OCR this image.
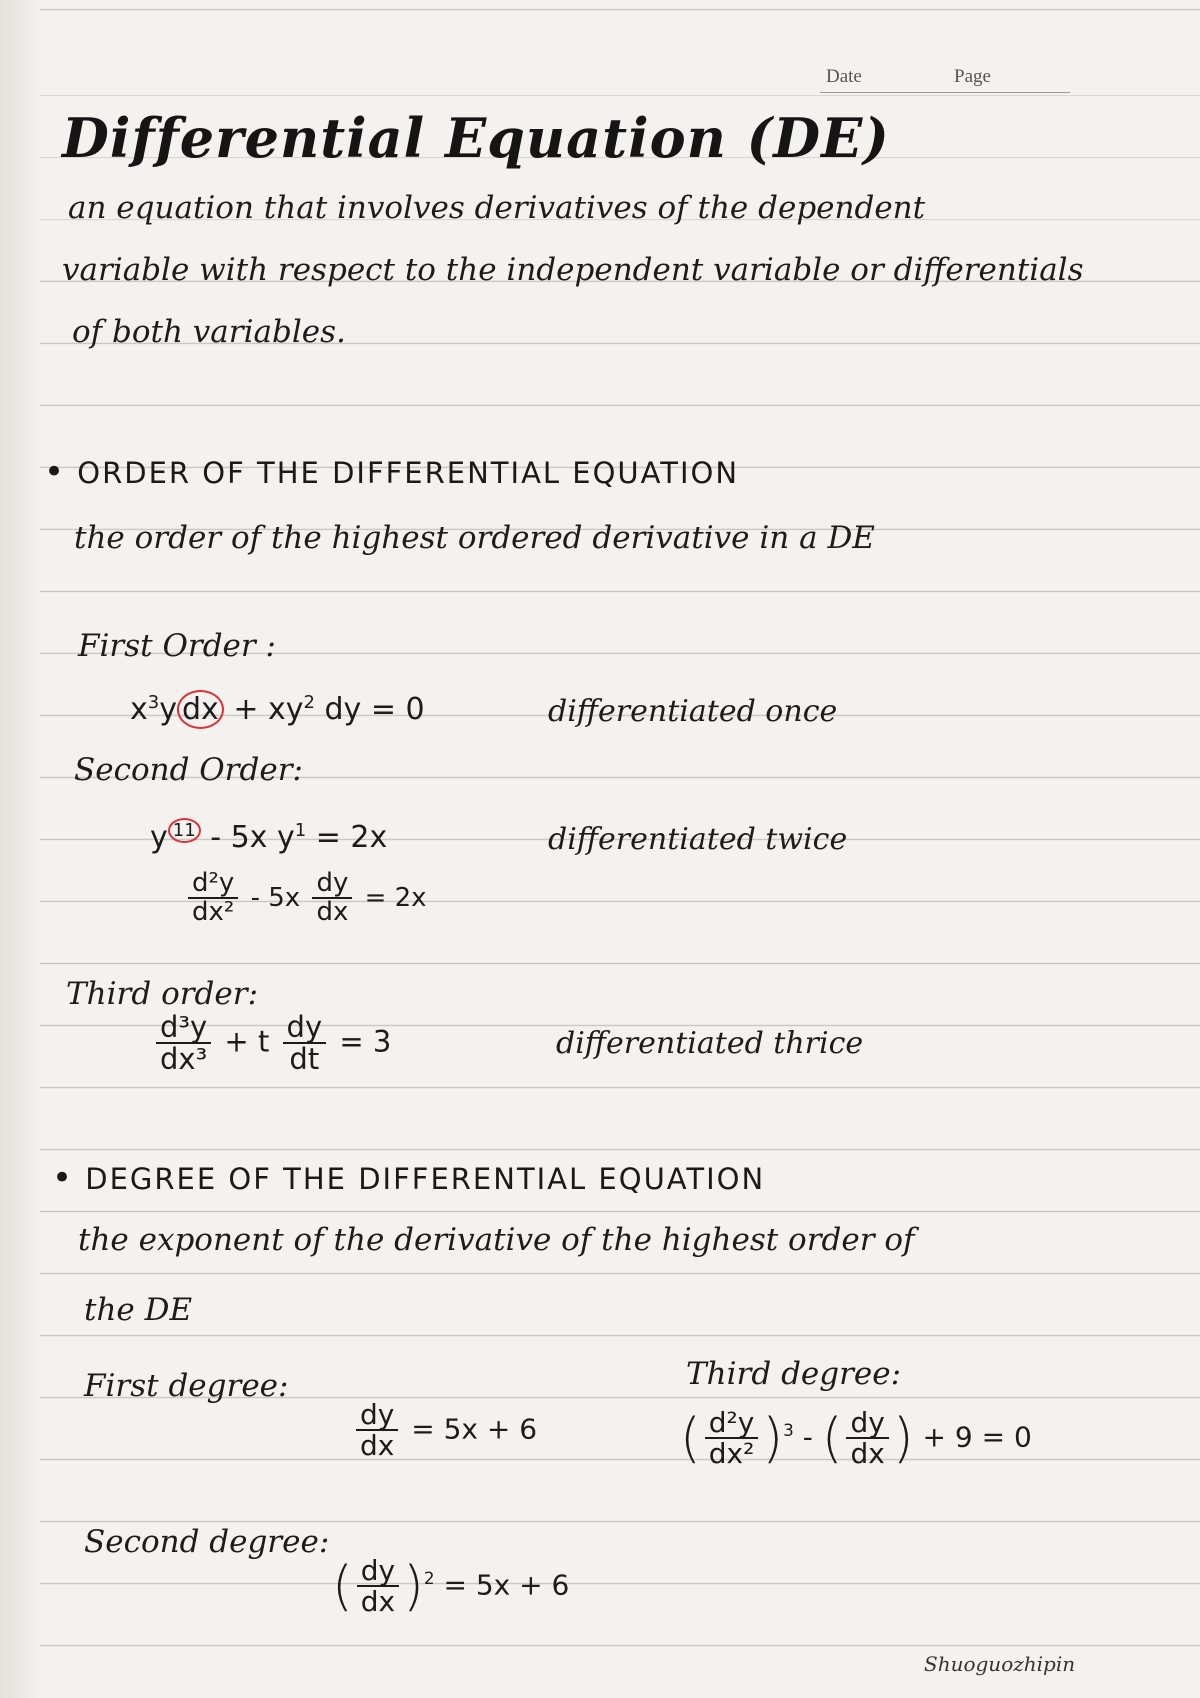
Date	Page
Differential Equation (DE)
an equation that involves derivatives of the dependent
variable with respect to the independent variable or differentials
of both variables.
• ORDER OF THE DIFFERENTIAL EQUATION
the order of the highest ordered derivative in a DE
First Order :
$x^3y$ dx + $xy^2$ dy = 0	differentiated once
Second Order:
y $^{11}$ - 5x $y^1 = 2x$	differentiated twice
$\frac{\text{d²y}}{\text{dx²}} - 5x \frac{dy}{dx} = 2x$
Third order:
$\frac{\text{d³y}}{\text{dx³}} + t \frac{dy}{dt} = 3$	differentiated thrice
• DEGREE OF THE DIFFERENTIAL EQUATION
the exponent of the derivative of the highest order of
the DE
First degree:
$\frac{dy}{dx} = 5x + 6$
Third degree:
( $\frac{\text{d²y}}{\text{dx²}} )^3$ - ( $\frac{dy}{dx}$ ) + 9 = 0
Second degree:
( $\frac{dy}{dx} )^2 = 5x + 6$
Shuoguozhipin
